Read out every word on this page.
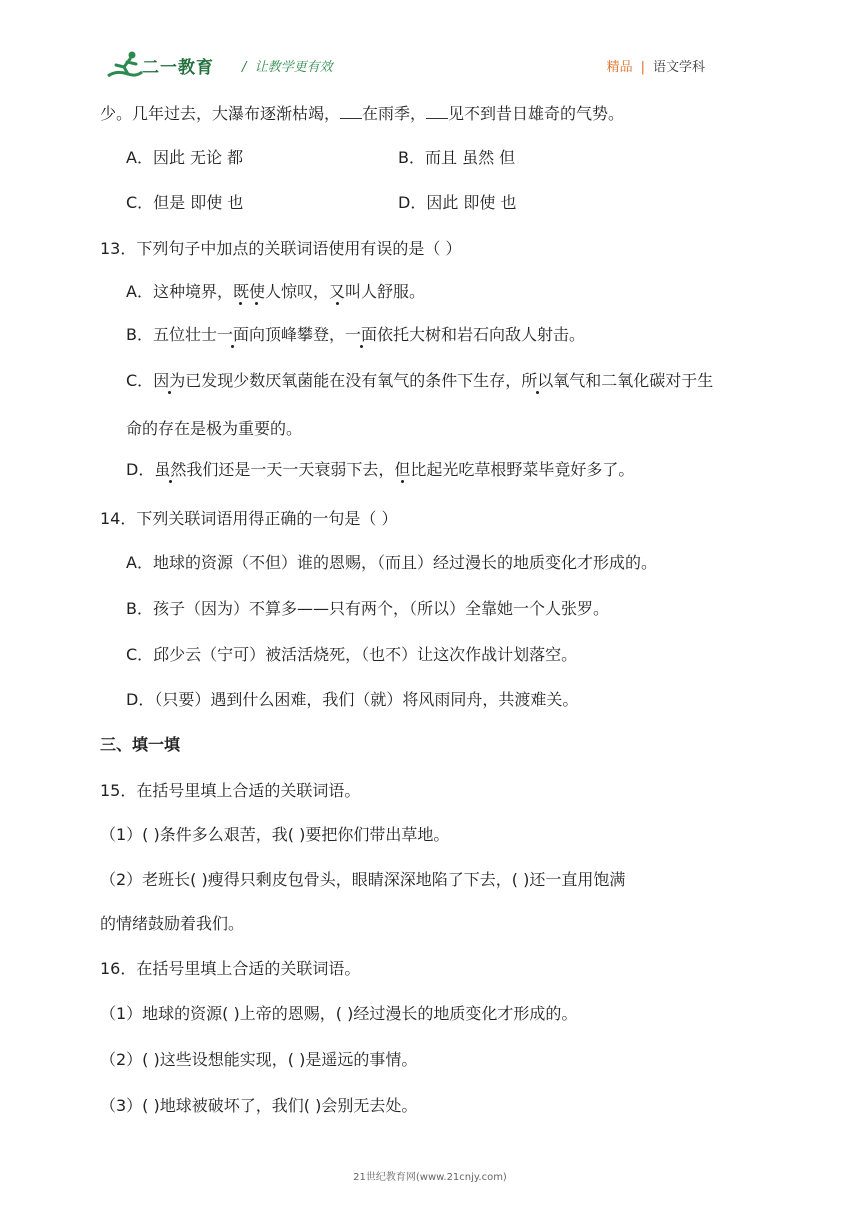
二一教育 / 让教学更有效	精品 | 语文学科
少。几年过去，大瀑布逐渐枯竭， 在雨季， 见不到昔日雄奇的气势。
A．因此 无论 都	B．而且 虽然 但
C．但是 即使 也	D．因此 即使 也
13．下列句子中加点的关联词语使用有误的是（ ）
A．这种境界，既使人惊叹，又叫人舒服。
B．五位壮士一面向顶峰攀登，一面依托大树和岩石向敌人射击。
C．因为已发现少数厌氧菌能在没有氧气的条件下生存，所以氧气和二氧化碳对于生
命的存在是极为重要的。
D．虽然我们还是一天一天衰弱下去，但比起光吃草根野菜毕竟好多了。
14．下列关联词语用得正确的一句是（ ）
A．地球的资源（不但）谁的恩赐，（而且）经过漫长的地质变化才形成的。
B．孩子（因为）不算多——只有两个，（所以）全靠她一个人张罗。
C．邱少云（宁可）被活活烧死，（也不）让这次作战计划落空。
D．（只要）遇到什么困难，我们（就）将风雨同舟，共渡难关。
三、填一填
15．在括号里填上合适的关联词语。
（1）( )条件多么艰苦，我( )要把你们带出草地。
（2）老班长( )瘦得只剩皮包骨头，眼睛深深地陷了下去，( )还一直用饱满
的情绪鼓励着我们。
16．在括号里填上合适的关联词语。
（1）地球的资源( )上帝的恩赐，( )经过漫长的地质变化才形成的。
（2）( )这些设想能实现，( )是遥远的事情。
（3）( )地球被破坏了，我们( )会别无去处。
21世纪教育网(www.21cnjy.com)
